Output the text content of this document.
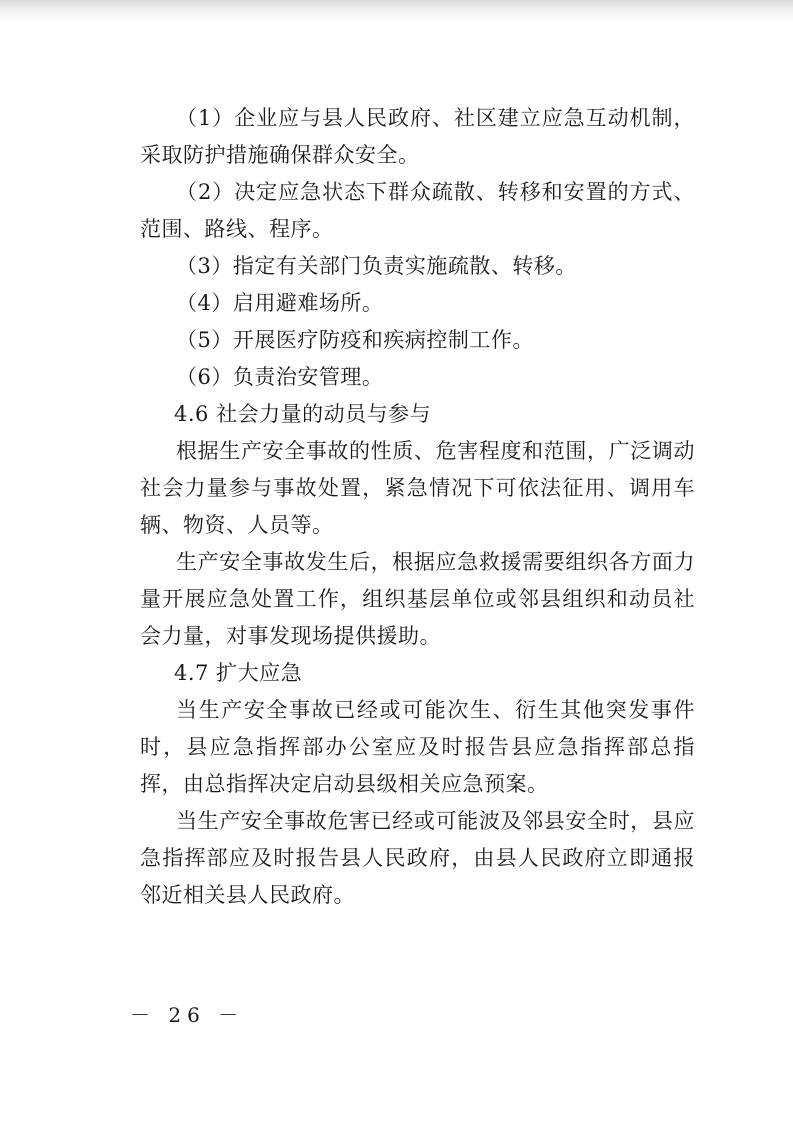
（1）企业应与县人民政府、社区建立应急互动机制，采取防护措施确保群众安全。

（2）决定应急状态下群众疏散、转移和安置的方式、范围、路线、程序。

（3）指定有关部门负责实施疏散、转移。

（4）启用避难场所。

（5）开展医疗防疫和疾病控制工作。

（6）负责治安管理。

4.6 社会力量的动员与参与

根据生产安全事故的性质、危害程度和范围，广泛调动社会力量参与事故处置，紧急情况下可依法征用、调用车辆、物资、人员等。

生产安全事故发生后，根据应急救援需要组织各方面力量开展应急处置工作，组织基层单位或邻县组织和动员社会力量，对事发现场提供援助。

4.7 扩大应急

当生产安全事故已经或可能次生、衍生其他突发事件时，县应急指挥部办公室应及时报告县应急指挥部总指挥，由总指挥决定启动县级相关应急预案。

当生产安全事故危害已经或可能波及邻县安全时，县应急指挥部应及时报告县人民政府，由县人民政府立即通报邻近相关县人民政府。

－ 26 －
